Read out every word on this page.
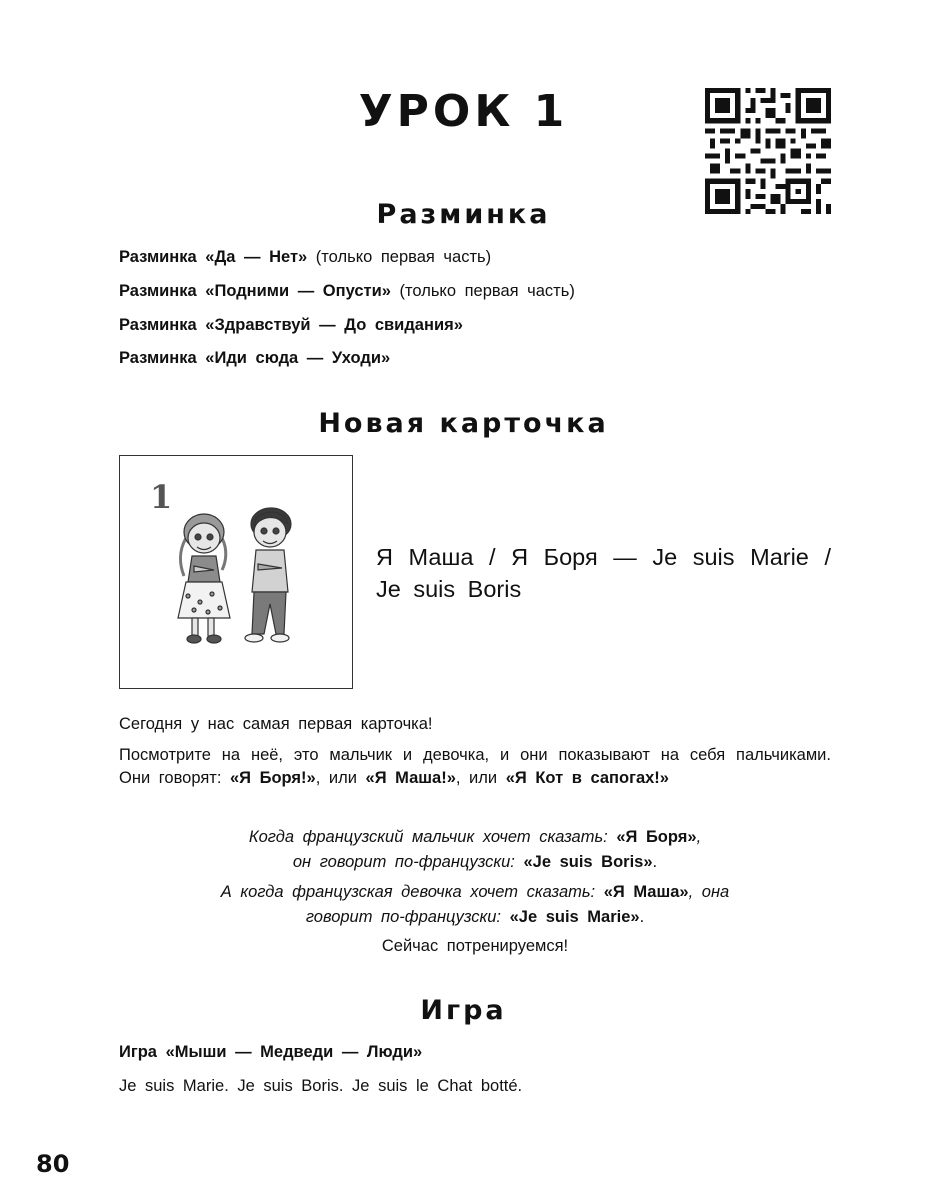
УРОК 1
Разминка
Разминка «Да — Нет» (только первая часть)
Разминка «Подними — Опусти» (только первая часть)
Разминка «Здравствуй — До свидания»
Разминка «Иди сюда — Уходи»
Новая карточка
1
Я Маша / Я Боря — Je suis Marie / Je suis Boris
Сегодня у нас самая первая карточка!
Посмотрите на неё, это мальчик и девочка, и они показывают на себя пальчиками. Они говорят: «Я Боря!», или «Я Маша!», или «Я Кот в сапогах!»
Когда французский мальчик хочет сказать: «Я Боря»,
он говорит по-французски: «Je suis Boris».
А когда французская девочка хочет сказать: «Я Маша», она
говорит по-французски: «Je suis Marie».
Сейчас потренируемся!
Игра
Игра «Мыши — Медведи — Люди»
Je suis Marie. Je suis Boris. Je suis le Chat botté.
80
